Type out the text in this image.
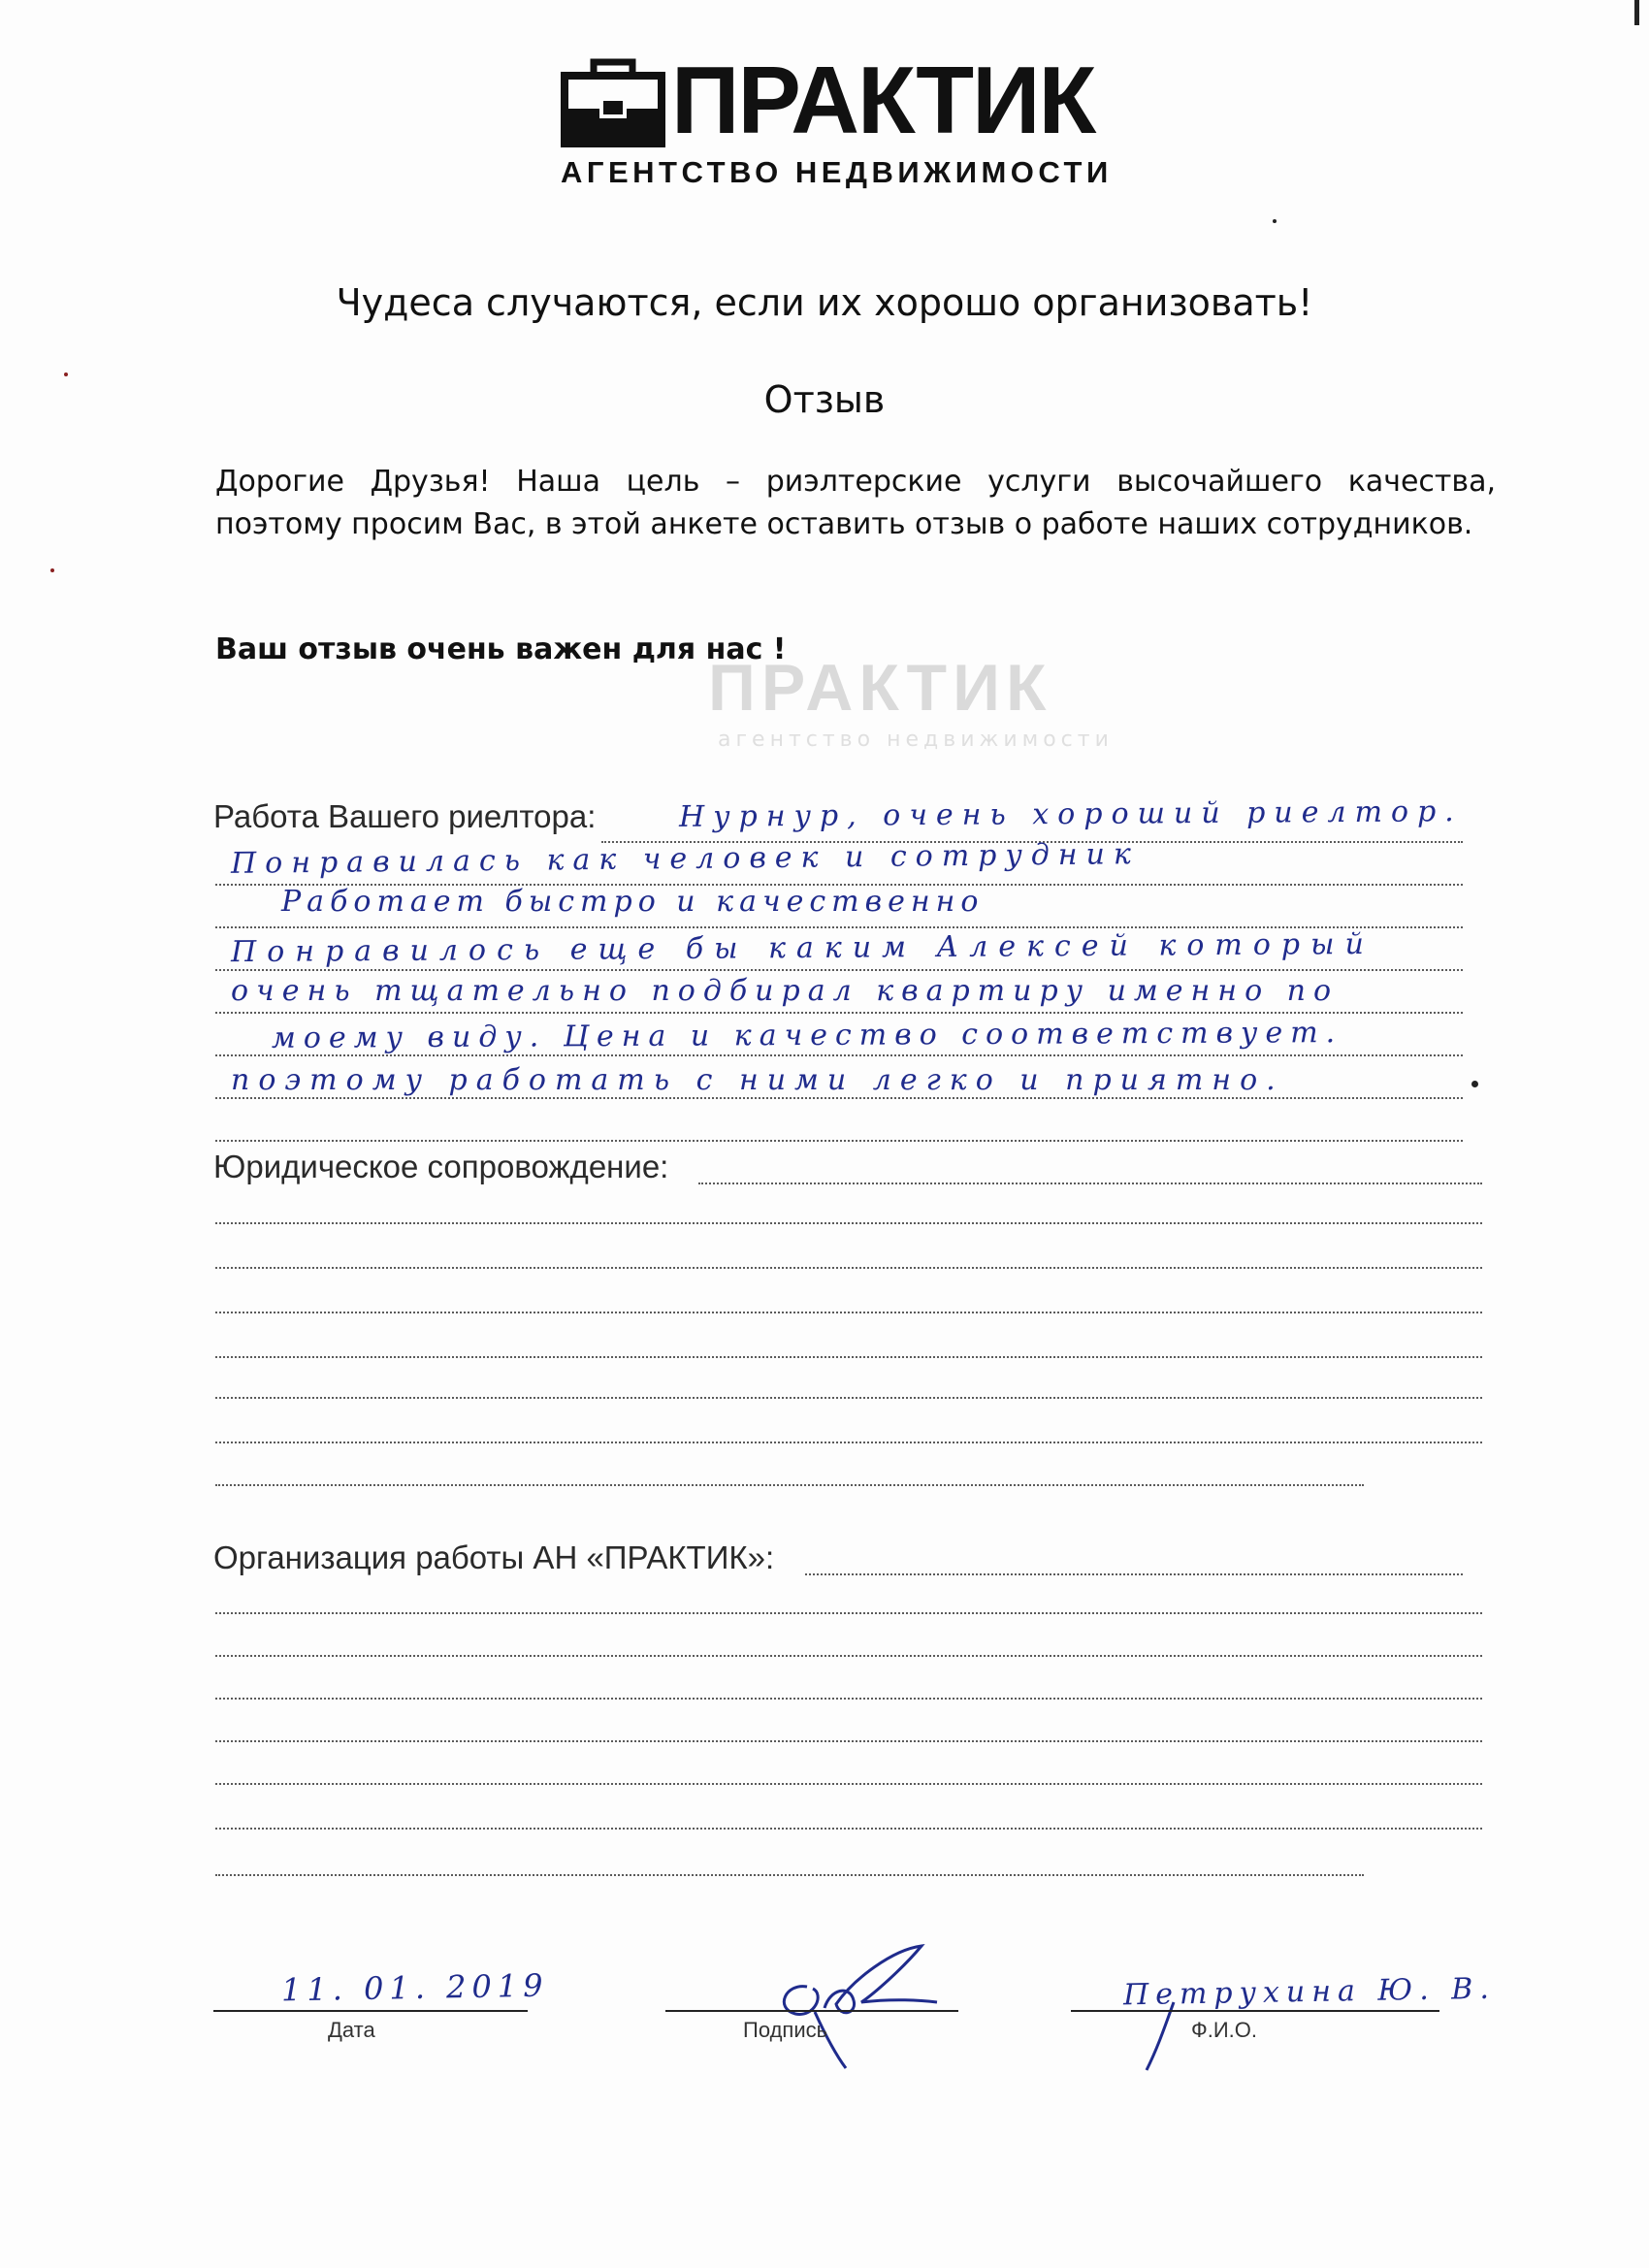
ПРАКТИК
АГЕНТСТВО НЕДВИЖИМОСТИ
Чудеса случаются, если их хорошо организовать!
Отзыв
Дорогие Друзья! Наша цель – риэлтерские услуги высочайшего качества, поэтому просим Вас, в этой анкете оставить отзыв о работе наших сотрудников.
Ваш отзыв очень важен для нас !
ПРАКТИК
агентство недвижимости
Работа Вашего риелтора:	Нурнур, очень хороший риелтор.
Понравилась как человек и сотрудник
Работает быстро и качественно
Понравилось еще бы каким Алексей который
очень тщательно подбирал квартиру именно по
моему виду. Цена и качество соответствует.
поэтому работать с ними легко и приятно.
Юридическое сопровождение:
Организация работы АН «ПРАКТИК»:
11. 01. 2019
Дата	Подпись
Петрухина Ю. В.
Ф.И.О.
